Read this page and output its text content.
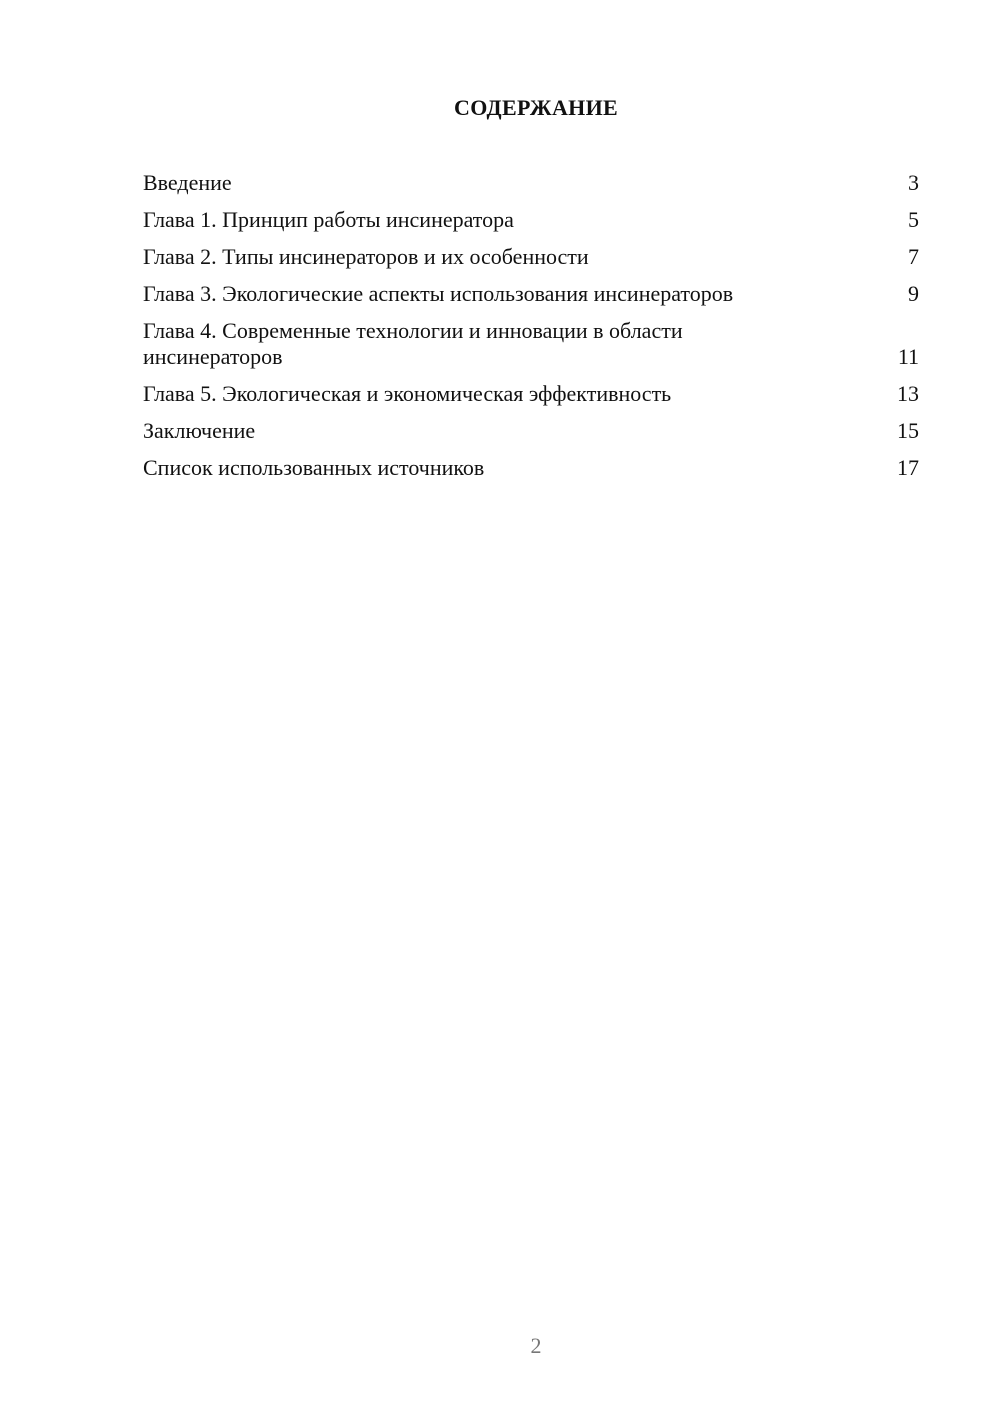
СОДЕРЖАНИЕ
Введение	3
Глава 1. Принцип работы инсинератора	5
Глава 2. Типы инсинераторов и их особенности	7
Глава 3. Экологические аспекты использования инсинераторов	9
Глава 4. Современные технологии и инновации в области инсинераторов	11
Глава 5. Экологическая и экономическая эффективность	13
Заключение	15
Список использованных источников	17
2
